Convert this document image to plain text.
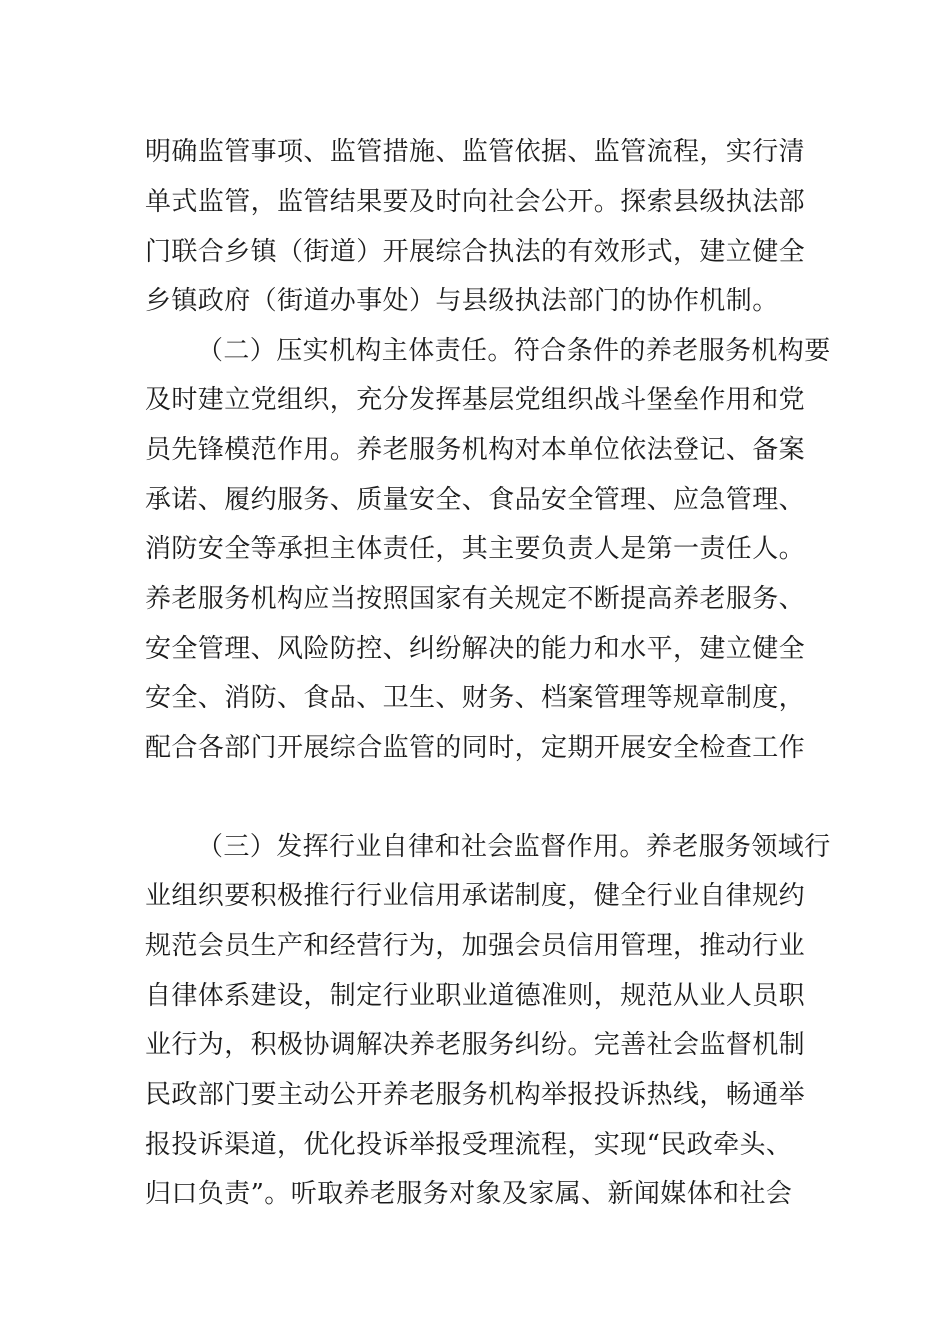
明确监管事项、监管措施、监管依据、监管流程，实行清

单式监管，监管结果要及时向社会公开。探索县级执法部

门联合乡镇（街道）开展综合执法的有效形式，建立健全

乡镇政府（街道办事处）与县级执法部门的协作机制。

（二）压实机构主体责任。符合条件的养老服务机构要

及时建立党组织，充分发挥基层党组织战斗堡垒作用和党

员先锋模范作用。养老服务机构对本单位依法登记、备案

承诺、履约服务、质量安全、食品安全管理、应急管理、

消防安全等承担主体责任，其主要负责人是第一责任人。

养老服务机构应当按照国家有关规定不断提高养老服务、

安全管理、风险防控、纠纷解决的能力和水平，建立健全

安全、消防、食品、卫生、财务、档案管理等规章制度，

配合各部门开展综合监管的同时，定期开展安全检查工作

（三）发挥行业自律和社会监督作用。养老服务领域行

业组织要积极推行行业信用承诺制度，健全行业自律规约

规范会员生产和经营行为，加强会员信用管理，推动行业

自律体系建设，制定行业职业道德准则，规范从业人员职

业行为，积极协调解决养老服务纠纷。完善社会监督机制

民政部门要主动公开养老服务机构举报投诉热线，畅通举

报投诉渠道，优化投诉举报受理流程，实现“民政牵头、

归口负责”。听取养老服务对象及家属、新闻媒体和社会
